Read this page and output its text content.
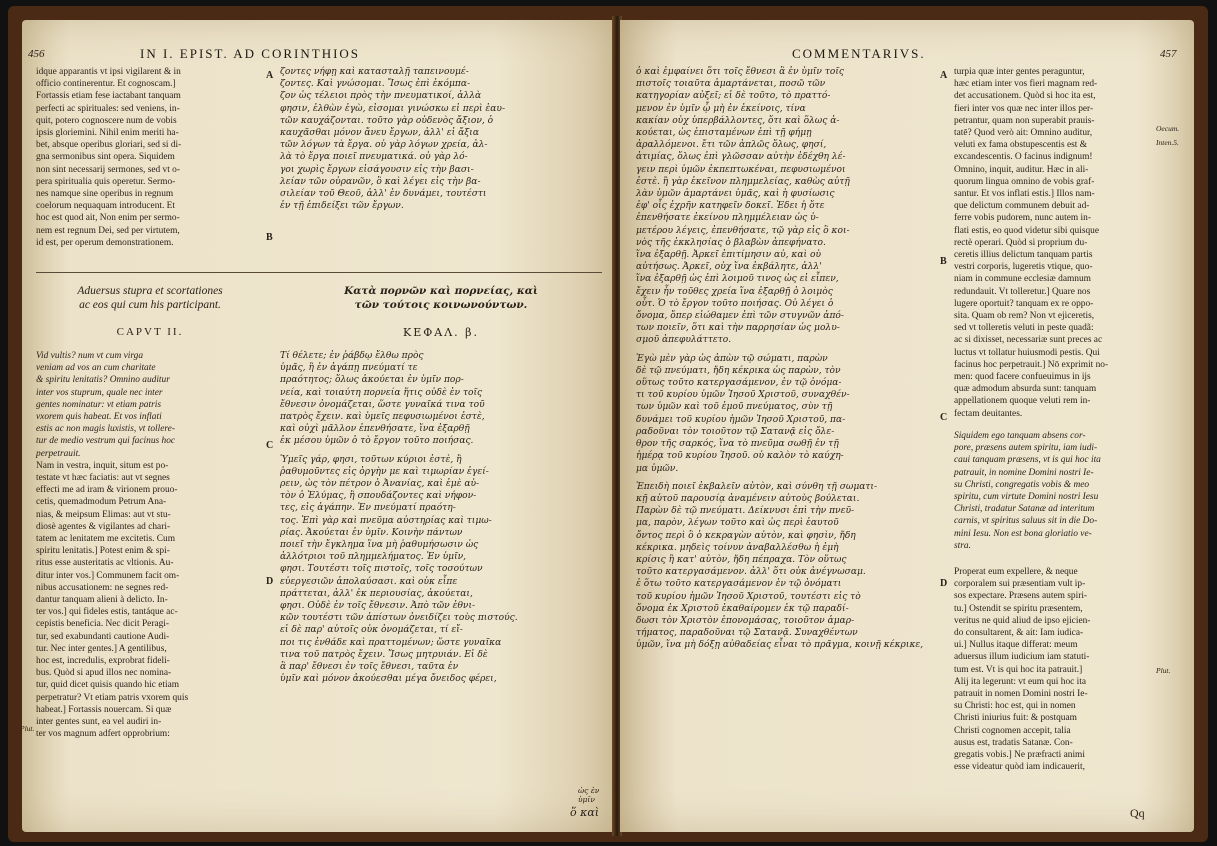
456	IN I. EPIST. AD CORINTHIOS
idque apparantis vt ipsi vigilarent & in
officio continerentur. Et cognoscam.]
Fortassis etiam fese iactabant tanquam
perfecti ac spirituales: sed veniens, in-
quit, potero cognoscere num de vobis
ipsis gloriemini. Nihil enim meriti ha-
bet, absque operibus gloriari, sed si di-
gna sermonibus sint opera. Siquidem
non sint necessarij sermones, sed vt o-
pera spiritualia quis operetur. Sermo-
nes namque sine operibus in regnum
coelorum nequaquam introducent. Et
hoc est quod ait, Non enim per sermo-
nem est regnum Dei, sed per virtutem,
id est, per operum demonstrationem.
ζοντες νήφῃ καὶ κατασταλῇ ταπεινουμέ-
ζοντες. Καὶ γνώσομαι. Ἴσως ἐπὶ ἐκόμπα-
ζον ὡς τέλειοι πρὸς τὴν πνευματικοί, ἀλλὰ
φησιν, ἐλθὼν ἐγὼ, εἰσομαι γινώσκω εἰ περὶ ἑαυ-
τῶν καυχάζονται. τοῦτο γὰρ οὐδενὸς ἄξιον, ὁ
καυχᾶσθαι μόνον ἄνευ ἔργων, ἀλλ' εἰ ἄξια
τῶν λόγων τὰ ἔργα. οὐ γὰρ λόγων χρεία, ἀλ-
λὰ τὸ ἔργα ποιεῖ πνευματικά. οὐ γὰρ λό-
γοι χωρὶς ἔργων εἰσάγουσιν εἰς τὴν βασι-
λείαν τῶν οὐρανῶν, ὃ καὶ λέγει εἰς τὴν βα-
σιλείαν τοῦ Θεοῦ, ἀλλ' ἐν δυνάμει, τουτέστι
ἐν τῇ ἐπιδείξει τῶν ἔργων.
A
B
Aduersus stupra et scortationes
ac eos qui cum his participant.
Κατὰ πορνῶν καὶ πορνείας, καὶ
τῶν τούτοις κοινωνούντων.
CAPVT II.	ΚΕΦΑΛ. β.
Vid vultis? num vt cum virga
veniam ad vos an cum charitate
& spiritu lenitatis? Omnino auditur
inter vos stuprum, quale nec inter
gentes nominatur: vt etiam patris
vxorem quis habeat. Et vos inflati
estis ac non magis luxistis, vt tollere-
tur de medio vestrum qui facinus hoc
perpetrauit.
Nam in vestra, inquit, situm est po-
testate vt hæc faciatis: aut vt segnes
effecti me ad iram & virionem prouo-
cetis, quemadmodum Petrum Ana-
nias, & meipsum Elimas: aut vt stu-
diosè agentes & vigilantes ad chari-
tatem ac lenitatem me excitetis. Cum
spiritu lenitatis.] Potest enim & spi-
ritus esse austeritatis ac vltionis. Au-
ditur inter vos.] Communem facit om-
nibus accusationem: ne segnes red-
dantur tanquam alieni à delicto. In-
ter vos.] qui fideles estis, tantáque ac-
cepistis beneficia. Nec dicit Peragi-
tur, sed exabundanti cautione Audi-
tur. Nec inter gentes.] A gentilibus,
hoc est, incredulis, exprobrat fideli-
bus. Quòd si apud illos nec nomina-
tur, quid dicet quisis quando hic etiam
perpetratur? Vt etiam patris vxorem quis
habeat.] Fortassis nouercam. Si quæ
inter gentes sunt, ea vel audiri in-
ter vos magnum adfert opprobrium:
Τί θέλετε; ἐν ῥάβδῳ ἔλθω πρὸς
ὑμᾶς, ἢ ἐν ἀγάπῃ πνεύματί τε
πραότητος; ὅλως ἀκούεται ἐν ὑμῖν πορ-
νεία, καὶ τοιαύτη πορνεία ἥτις οὐδὲ ἐν τοῖς
ἔθνεσιν ὀνομάζεται, ὥστε γυναῖκά τινα τοῦ
πατρὸς ἔχειν. καὶ ὑμεῖς πεφυσιωμένοι ἐστὲ,
καὶ οὐχὶ μᾶλλον ἐπενθήσατε, ἵνα ἐξαρθῇ
ἐκ μέσου ὑμῶν ὁ τὸ ἔργον τοῦτο ποιήσας.
Ὑμεῖς γάρ, φησι, τοῦτων κύριοι ἐστὲ, ἢ
ῥαθυμοῦντες εἰς ὀργὴν με καὶ τιμωρίαν ἐγεί-
ρειν, ὡς τὸν πέτρον ὁ Ἀνανίας, καὶ ἐμὲ αὐ-
τὸν ὁ Ἐλύμας, ἢ σπουδάζοντες καὶ νήφον-
τες, εἰς ἀγάπην. Ἐν πνεύματί πραότη-
τος. Ἐπὶ γὰρ καὶ πνεῦμα αὐστηρίας καὶ τιμω-
ρίας. Ἀκούεται ἐν ὑμῖν. Κοινὴν πάντων
ποιεῖ τὴν ἔγκλημα ἵνα μὴ ῥαθυμήσωσιν ὡς
ἀλλότριοι τοῦ πλημμελήματος. Ἐν ὑμῖν,
φησι. Τουτέστι τοῖς πιστοῖς, τοῖς τοσούτων
εὐεργεσιῶν ἀπολαύσασι. καὶ οὐκ εἶπε
πράττεται, ἀλλ' ἐκ περιουσίας, ἀκούεται,
φησι. Οὐδὲ ἐν τοῖς ἔθνεσιν. Ἀπὸ τῶν ἐθνι-
κῶν τουτέστι τῶν ἀπίστων ὀνειδίζει τοὺς πιστούς.
εἰ δὲ παρ' αὐτοῖς οὐκ ὀνομάζεται, τί εἴ-
ποι τις ἐνθάδε καὶ πραττομένων; ὥστε γυναῖκα
τινα τοῦ πατρὸς ἔχειν. Ἴσως μητρυιάν. Εἰ δὲ
ἃ παρ' ἔθνεσι ἐν τοῖς ἔθνεσι, ταῦτα ἐν
ὑμῖν καὶ μόνον ἀκούεσθαι μέγα ὄνειδος φέρει,
C
D
Plut.
ὡς ἐν ὑμῖν
ὅ καὶ
COMMENTARIVS.	457
ὁ καὶ ἐμφαίνει ὅτι τοῖς ἔθνεσι ἃ ἐν ὑμῖν τοῖς
πιστοῖς τοιαῦτα ἀμαρτάνεται, ποσῶ τῶν
κατηγορίαν αὐξεῖ; εἰ δὲ τοῦτο, τὸ πραττό-
μενον ἐν ὑμῖν ᾧ μὴ ἐν ἐκείνοις, τίνα
κακίαν οὐχ ὑπερβάλλοντες, ὅτι καὶ ὅλως ἀ-
κούεται, ὡς ἐπισταμένων ἐπὶ τῇ φήμῃ
ἀραλλόμενοι. ἔτι τῶν ἁπλῶς ὅλως, φησί,
ἀτιμίας, ὅλως ἐπὶ γλῶσσαν αὐτὴν ἐδέχθη λέ-
γειν περὶ ὑμῶν ἐκπεπτωκέναι, πεφυσιωμένοι
ἐστὲ. ἢ γὰρ ἐκεῖνον πλημμελείας, καθὼς αὐτῇ
λὰν ὑμῶν ἀμαρτάνει ὑμᾶς, καὶ ἡ φυσίωσις
ἐφ' οἷς ἐχρῆν κατηφεῖν δοκεῖ. Ἐδει ἡ ὅτε
ἐπενθήσατε ἐκείνου πλημμέλειαν ὡς ὑ-
μετέρου λέγεις, ἐπενθήσατε, τῷ γὰρ εἰς ὃ κοι-
νὸς τῆς ἐκκλησίας ὁ βλαβὼν ἀπεφήνατο.
ἵνα ἐξαρθῇ. Ἀρκεῖ ἐπιτίμησιν αὐ, καὶ οὐ
αὐτήσως. Ἀρκεῖ, οὐχ ἵνα ἐκβάλητε, ἀλλ'
ἵνα ἐξαρθῇ ὡς ἐπὶ λοιμοῦ τινος ὡς εἰ εἶπεν,
ἔχειν ἦν τοῦθες χρεία ἵνα ἐξαρθῇ ὁ λοιμὸς
οὗτ. Ὁ τὸ ἔργον τοῦτο ποιήσας. Οὐ λέγει ὁ
ὄνομα, ὅπερ εἰώθαμεν ἐπὶ τῶν στυγνῶν ἀπό-
των ποιεῖν, ὅτι καὶ τὴν παρρησίαν ὡς μολυ-
σμοῦ ἀπεφυλάττετο.
Ἐγὼ μὲν γὰρ ὡς ἀπὼν τῷ σώματι, παρὼν
δὲ τῷ πνεύματι, ἤδη κέκρικα ὡς παρὼν, τὸν
οὕτως τοῦτο κατεργασάμενον, ἐν τῷ ὀνόμα-
τι τοῦ κυρίου ὑμῶν Ἰησοῦ Χριστοῦ, συναχθέν-
των ὑμῶν καὶ τοῦ ἐμοῦ πνεύματος, σὺν τῇ
δυνάμει τοῦ κυρίου ἡμῶν Ἰησοῦ Χριστοῦ, πα-
ραδοῦναι τὸν τοιοῦτον τῷ Σατανᾷ εἰς ὄλε-
θρον τῆς σαρκός, ἵνα τὸ πνεῦμα σωθῇ ἐν τῇ
ἡμέρᾳ τοῦ κυρίου Ἰησοῦ. οὐ καλὸν τὸ καύχη-
μα ὑμῶν.
Ἐπειδὴ ποιεῖ ἐκβαλεῖν αὐτὸν, καὶ σύνθη τῇ σωματι-
κῇ αὐτοῦ παρουσίᾳ ἀναμένειν αὐτοὺς βούλεται.
Παρὼν δὲ τῷ πνεύματι. Δείκνυσι ἐπὶ τὴν πνεῦ-
μα, παρὸν, λέγων τοῦτο καὶ ὡς περὶ ἑαυτοῦ
ὄντος περὶ ὃ ὁ κεκραγὼν αὐτὸν, καὶ φησὶν, ἤδη
κέκρικα. μηδεὶς τοίνυν ἀναβαλλέσθω ἡ ἐμὴ
κρίσις ἢ κατ' αὐτὸν, ἤδη πέπραχα. Τὸν οὕτως
τοῦτο κατεργασάμενον. ἀλλ' ὅτι οὐκ ἀνέγνωσαμ.
ἐ ὅτω τοῦτο κατεργασάμενον ἐν τῷ ὀνόματι
τοῦ κυρίου ἡμῶν Ἰησοῦ Χριστοῦ, τουτέστι εἰς τὸ
ὄνομα ἐκ Χριστοῦ ἐκαθαίρομεν ἐκ τῷ παραδί-
δωσι τὸν Χριστὸν ἐπονομάσας, τοιοῦτον ἁμαρ-
τήματος, παραδοῦναι τῷ Σατανᾷ. Συναχθέντων
ὑμῶν, ἵνα μὴ δόξῃ αὐθαδείας εἶναι τὸ πρᾶγμα, κοινῇ κέκρικε,
A
B
C
D
turpia quæ inter gentes peraguntur,
hæc etiam inter vos fieri magnam red-
det accusationem. Quòd si hoc ita est,
fieri inter vos quæ nec inter illos per-
petrantur, quam non superabit prauis-
tatē? Quod verò ait: Omnino auditur,
veluti ex fama obstupescentis est &
excandescentis. O facinus indignum!
Omnino, inquit, auditur. Hæc in ali-
quorum lingua omnino de vobis graf-
santur. Et vos inflati estis.] Illos nam-
que delictum communem debuit ad-
ferre vobis pudorem, nunc autem in-
flati estis, eo quod videtur sibi quisque
rectè operari. Quòd si proprium du-
ceretis illius delictum tanquam partis
vestri corporis, lugeretis vtique, quo-
niam in commune ecclesiæ damnum
redundauit. Vt tolleretur.] Quare nos
lugere oportuit? tanquam ex re oppo-
sita. Quam ob rem? Non vt ejiceretis,
sed vt tolleretis veluti in peste quadã:
ac si dixisset, necessariæ sunt preces ac
luctus vt tollatur huiusmodi pestis. Qui
facinus hoc perpetrauit.] Nō exprimit no-
men: quod facere confueuimus in ijs
quæ admodum absurda sunt: tanquam
appellationem quoque veluti rem in-
fectam deuitantes.
Siquidem ego tanquam absens cor-
pore, præsens autem spiritu, iam iudi-
caui tanquam præsens, vt is qui hoc ita
patrauit, in nomine Domini nostri Ie-
su Christi, congregatis vobis & meo
spiritu, cum virtute Domini nostri Iesu
Christi, tradatur Satanæ ad interitum
carnis, vt spiritus saluus sit in die Do-
mini Iesu. Non est bona gloriatio ve-
stra.
Properat eum expellere, & neque
corporalem sui præsentiam vult ip-
sos expectare. Præsens autem spiri-
tu.] Ostendit se spiritu præsentem,
veritus ne quid aliud de ipso ejicien-
do consultarent, & ait: Iam iudica-
ui.] Nullus itaque differat: meum
aduersus illum iudicium iam statuti-
tum est. Vt is qui hoc ita patrauit.]
Alij ita legerunt: vt eum qui hoc ita
patrauit in nomen Domini nostri Ie-
su Christi: hoc est, qui in nomen
Christi iniurius fuit: & postquam
Christi cognomen accepit, talia
ausus est, tradatis Satanæ. Con-
gregatis vobis.] Ne præfracti animi
esse videatur quòd iam indicauerit,
Oecum.
Inten.5.
Plut.
Qq
